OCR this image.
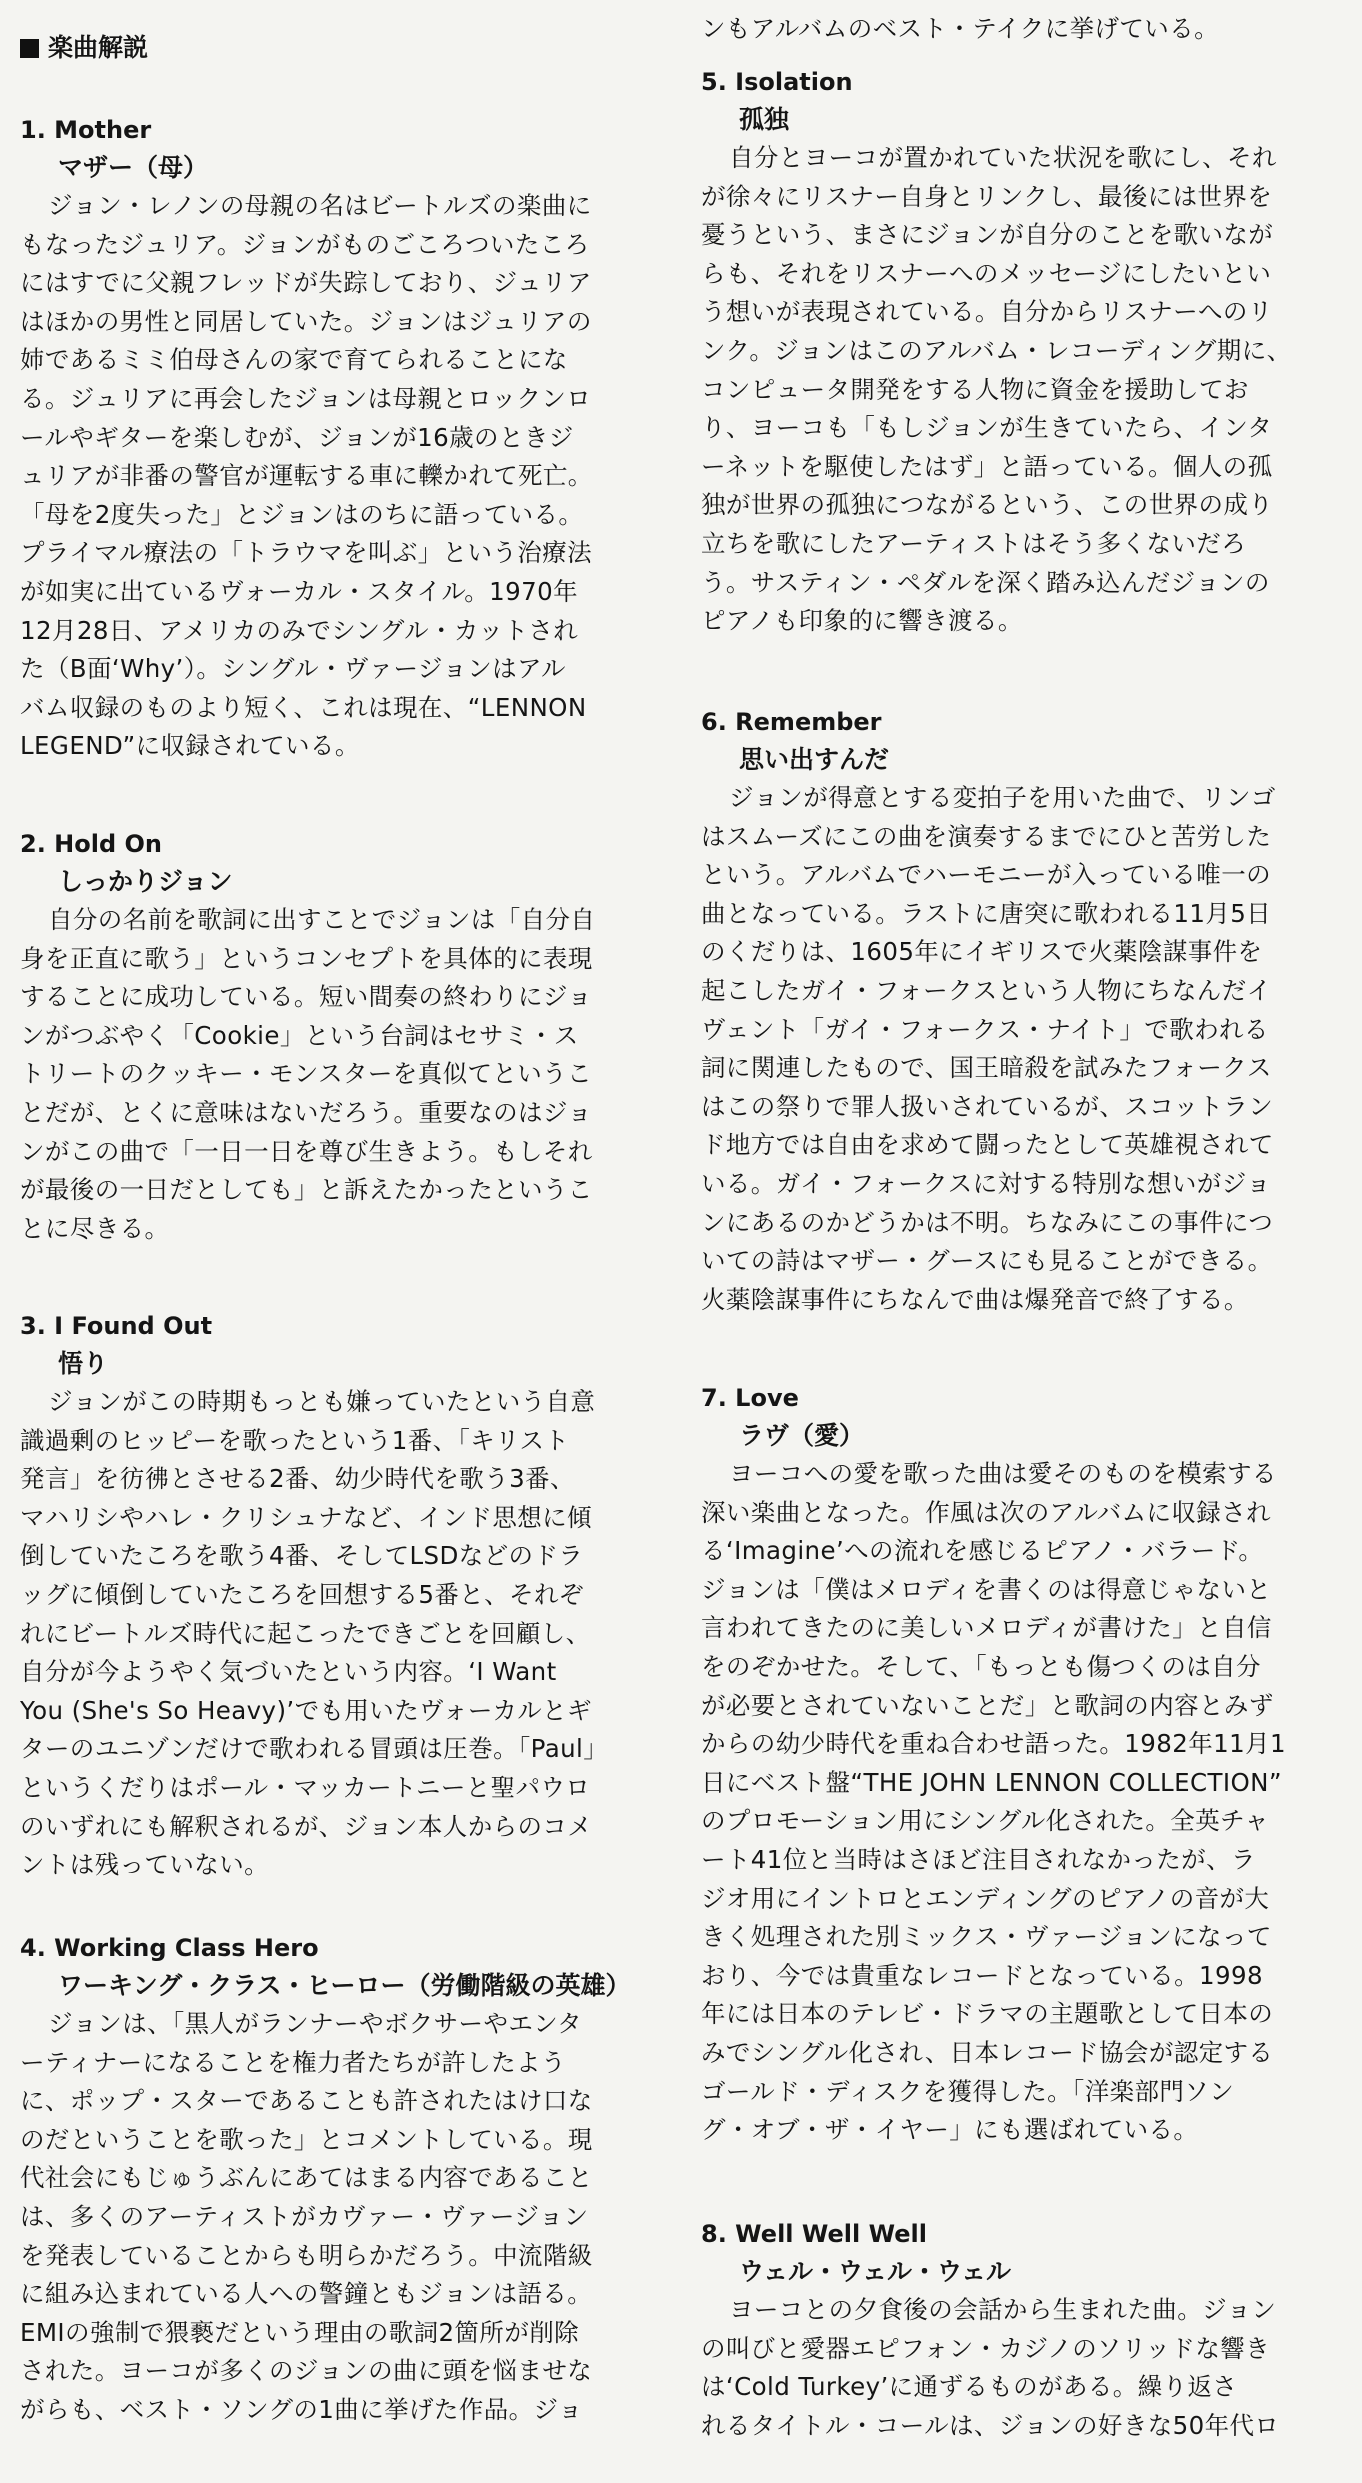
楽曲解説
1. Mother
マザー（母）
ジョン・レノンの母親の名はビートルズの楽曲に
もなったジュリア。ジョンがものごころついたころ
にはすでに父親フレッドが失踪しており、ジュリア
はほかの男性と同居していた。ジョンはジュリアの
姉であるミミ伯母さんの家で育てられることにな
る。ジュリアに再会したジョンは母親とロックンロ
ールやギターを楽しむが、ジョンが16歳のときジ
ュリアが非番の警官が運転する車に轢かれて死亡。
「母を2度失った」とジョンはのちに語っている。
プライマル療法の「トラウマを叫ぶ」という治療法
が如実に出ているヴォーカル・スタイル。1970年
12月28日、アメリカのみでシングル・カットされ
た（B面‘Why’）。シングル・ヴァージョンはアル
バム収録のものより短く、これは現在、“LENNON
LEGEND”に収録されている。
2. Hold On
しっかりジョン
自分の名前を歌詞に出すことでジョンは「自分自
身を正直に歌う」というコンセプトを具体的に表現
することに成功している。短い間奏の終わりにジョ
ンがつぶやく「Cookie」という台詞はセサミ・ス
トリートのクッキー・モンスターを真似てというこ
とだが、とくに意味はないだろう。重要なのはジョ
ンがこの曲で「一日一日を尊び生きよう。もしそれ
が最後の一日だとしても」と訴えたかったというこ
とに尽きる。
3. I Found Out
悟り
ジョンがこの時期もっとも嫌っていたという自意
識過剰のヒッピーを歌ったという1番、「キリスト
発言」を彷彿とさせる2番、幼少時代を歌う3番、
マハリシやハレ・クリシュナなど、インド思想に傾
倒していたころを歌う4番、そしてLSDなどのドラ
ッグに傾倒していたころを回想する5番と、それぞ
れにビートルズ時代に起こったできごとを回顧し、
自分が今ようやく気づいたという内容。‘I Want
You (She's So Heavy)’でも用いたヴォーカルとギ
ターのユニゾンだけで歌われる冒頭は圧巻。「Paul」
というくだりはポール・マッカートニーと聖パウロ
のいずれにも解釈されるが、ジョン本人からのコメ
ントは残っていない。
4. Working Class Hero
ワーキング・クラス・ヒーロー（労働階級の英雄）
ジョンは、「黒人がランナーやボクサーやエンタ
ーティナーになることを権力者たちが許したよう
に、ポップ・スターであることも許されたはけ口な
のだということを歌った」とコメントしている。現
代社会にもじゅうぶんにあてはまる内容であること
は、多くのアーティストがカヴァー・ヴァージョン
を発表していることからも明らかだろう。中流階級
に組み込まれている人への警鐘ともジョンは語る。
EMIの強制で猥褻だという理由の歌詞2箇所が削除
された。ヨーコが多くのジョンの曲に頭を悩ませな
がらも、ベスト・ソングの1曲に挙げた作品。ジョ
ンもアルバムのベスト・テイクに挙げている。
5. Isolation
孤独
自分とヨーコが置かれていた状況を歌にし、それ
が徐々にリスナー自身とリンクし、最後には世界を
憂うという、まさにジョンが自分のことを歌いなが
らも、それをリスナーへのメッセージにしたいとい
う想いが表現されている。自分からリスナーへのリ
ンク。ジョンはこのアルバム・レコーディング期に、
コンピュータ開発をする人物に資金を援助してお
り、ヨーコも「もしジョンが生きていたら、インタ
ーネットを駆使したはず」と語っている。個人の孤
独が世界の孤独につながるという、この世界の成り
立ちを歌にしたアーティストはそう多くないだろ
う。サスティン・ペダルを深く踏み込んだジョンの
ピアノも印象的に響き渡る。
6. Remember
思い出すんだ
ジョンが得意とする変拍子を用いた曲で、リンゴ
はスムーズにこの曲を演奏するまでにひと苦労した
という。アルバムでハーモニーが入っている唯一の
曲となっている。ラストに唐突に歌われる11月5日
のくだりは、1605年にイギリスで火薬陰謀事件を
起こしたガイ・フォークスという人物にちなんだイ
ヴェント「ガイ・フォークス・ナイト」で歌われる
詞に関連したもので、国王暗殺を試みたフォークス
はこの祭りで罪人扱いされているが、スコットラン
ド地方では自由を求めて闘ったとして英雄視されて
いる。ガイ・フォークスに対する特別な想いがジョ
ンにあるのかどうかは不明。ちなみにこの事件につ
いての詩はマザー・グースにも見ることができる。
火薬陰謀事件にちなんで曲は爆発音で終了する。
7. Love
ラヴ（愛）
ヨーコへの愛を歌った曲は愛そのものを模索する
深い楽曲となった。作風は次のアルバムに収録され
る‘Imagine’への流れを感じるピアノ・バラード。
ジョンは「僕はメロディを書くのは得意じゃないと
言われてきたのに美しいメロディが書けた」と自信
をのぞかせた。そして、「もっとも傷つくのは自分
が必要とされていないことだ」と歌詞の内容とみず
からの幼少時代を重ね合わせ語った。1982年11月1
日にベスト盤“THE JOHN LENNON COLLECTION”
のプロモーション用にシングル化された。全英チャ
ート41位と当時はさほど注目されなかったが、ラ
ジオ用にイントロとエンディングのピアノの音が大
きく処理された別ミックス・ヴァージョンになって
おり、今では貴重なレコードとなっている。1998
年には日本のテレビ・ドラマの主題歌として日本の
みでシングル化され、日本レコード協会が認定する
ゴールド・ディスクを獲得した。「洋楽部門ソン
グ・オブ・ザ・イヤー」にも選ばれている。
8. Well Well Well
ウェル・ウェル・ウェル
ヨーコとの夕食後の会話から生まれた曲。ジョン
の叫びと愛器エピフォン・カジノのソリッドな響き
は‘Cold Turkey’に通ずるものがある。繰り返さ
れるタイトル・コールは、ジョンの好きな50年代ロ
